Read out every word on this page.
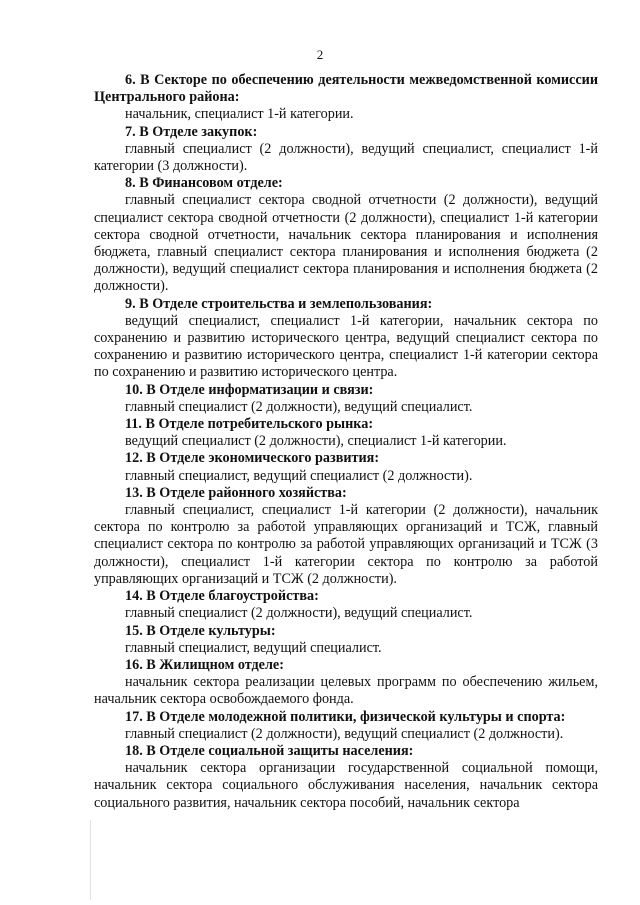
2

6. В Секторе по обеспечению деятельности межведомственной комиссии Центрального района:

начальник, специалист 1-й категории.

7. В Отделе закупок:

главный специалист (2 должности), ведущий специалист, специалист 1-й категории (3 должности).

8. В Финансовом отделе:

главный специалист сектора сводной отчетности (2 должности), ведущий специалист сектора сводной отчетности (2 должности), специалист 1-й категории сектора сводной отчетности, начальник сектора планирования и исполнения бюджета, главный специалист сектора планирования и исполнения бюджета (2 должности), ведущий специалист сектора планирования и исполнения бюджета (2 должности).

9. В Отделе строительства и землепользования:

ведущий специалист, специалист 1-й категории, начальник сектора по сохранению и развитию исторического центра, ведущий специалист сектора по сохранению и развитию исторического центра, специалист 1-й категории сектора по сохранению и развитию исторического центра.

10. В Отделе информатизации и связи:

главный специалист (2 должности), ведущий специалист.

11. В Отделе потребительского рынка:

ведущий специалист (2 должности), специалист 1-й категории.

12. В Отделе экономического развития:

главный специалист, ведущий специалист (2 должности).

13. В Отделе районного хозяйства:

главный специалист, специалист 1-й категории (2 должности), начальник сектора по контролю за работой управляющих организаций и ТСЖ, главный специалист сектора по контролю за работой управляющих организаций и ТСЖ (3 должности), специалист 1-й категории сектора по контролю за работой управляющих организаций и ТСЖ (2 должности).

14. В Отделе благоустройства:

главный специалист (2 должности), ведущий специалист.

15. В Отделе культуры:

главный специалист, ведущий специалист.

16. В Жилищном отделе:

начальник сектора реализации целевых программ по обеспечению жильем, начальник сектора освобождаемого фонда.

17. В Отделе молодежной политики, физической культуры и спорта:

главный специалист (2 должности), ведущий специалист (2 должности).

18. В Отделе социальной защиты населения:

начальник сектора организации государственной социальной помощи, начальник сектора социального обслуживания населения, начальник сектора социального развития, начальник сектора пособий, начальник сектора
